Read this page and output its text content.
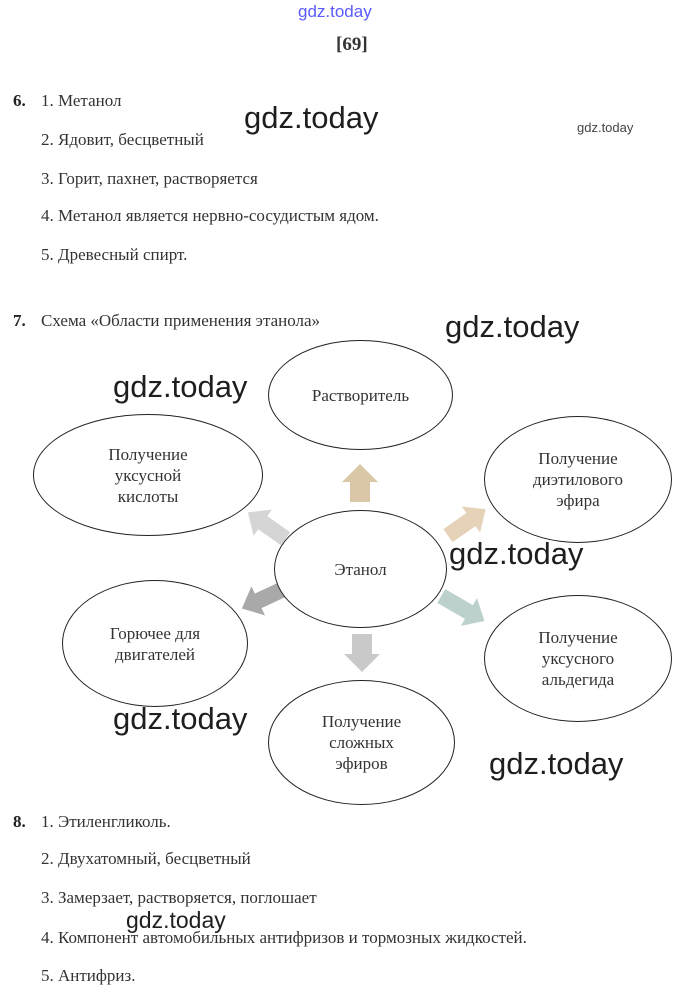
gdz.today
[69]
6. 1. Метанол
2. Ядовит, бесцветный
3. Горит, пахнет, растворяется
4. Метанол является нервно-сосудистым ядом.
5. Древесный спирт.
7. Схема «Области применения этанола»
Растворитель
Получение
уксусной
кислоты
Получение
диэтилового
эфира
Этанол
Горючее для
двигателей
Получение
уксусного
альдегида
Получение
сложных
эфиров
8. 1. Этиленгликоль.
2. Двухатомный, бесцветный
3. Замерзает, растворяется, поглошает
4. Компонент автомобильных антифризов и тормозных жидкостей.
5. Антифриз.
gdz.today	gdz.today
gdz.today
gdz.today
gdz.today
gdz.today
gdz.today
gdz.today
